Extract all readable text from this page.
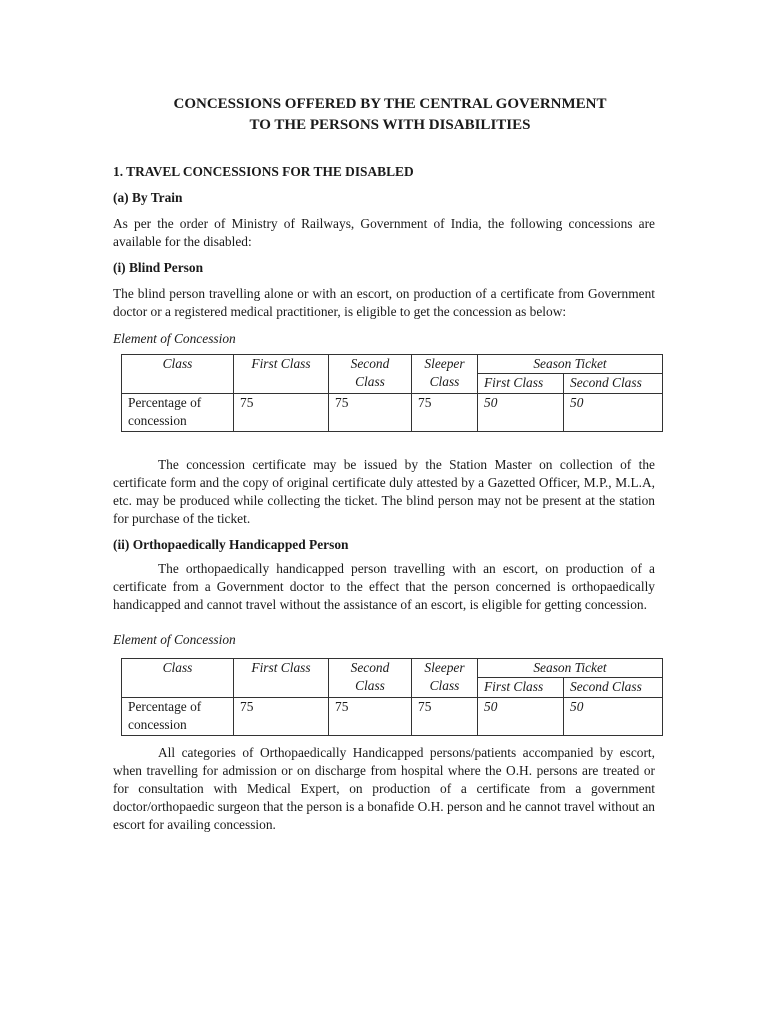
CONCESSIONS OFFERED BY THE CENTRAL GOVERNMENT
TO THE PERSONS WITH DISABILITIES
1. TRAVEL CONCESSIONS FOR THE DISABLED
(a) By Train

As per the order of Ministry of Railways, Government of India, the following concessions are available for the disabled:

(i) Blind Person

The blind person travelling alone or with an escort, on production of a certificate from Government doctor or a registered medical practitioner, is eligible to get the concession as below:

Element of Concession
Class	First Class	Second Class	Sleeper Class	Season Ticket	
				First Class	Second Class
Percentage of concession	75	75	75	50	50

The concession certificate may be issued by the Station Master on collection of the certificate form and the copy of original certificate duly attested by a Gazetted Officer, M.P., M.L.A, etc. may be produced while collecting the ticket. The blind person may not be present at the station for purchase of the ticket.

(ii) Orthopaedically Handicapped Person

The orthopaedically handicapped person travelling with an escort, on production of a certificate from a Government doctor to the effect that the person concerned is orthopaedically handicapped and cannot travel without the assistance of an escort, is eligible for getting concession.

Element of Concession
Class	First Class	Second Class	Sleeper Class	Season Ticket	
				First Class	Second Class
Percentage of concession	75	75	75	50	50

All categories of Orthopaedically Handicapped persons/patients accompanied by escort, when travelling for admission or on discharge from hospital where the O.H. persons are treated or for consultation with Medical Expert, on production of a certificate from a government doctor/orthopaedic surgeon that the person is a bonafide O.H. person and he cannot travel without an escort for availing concession.
